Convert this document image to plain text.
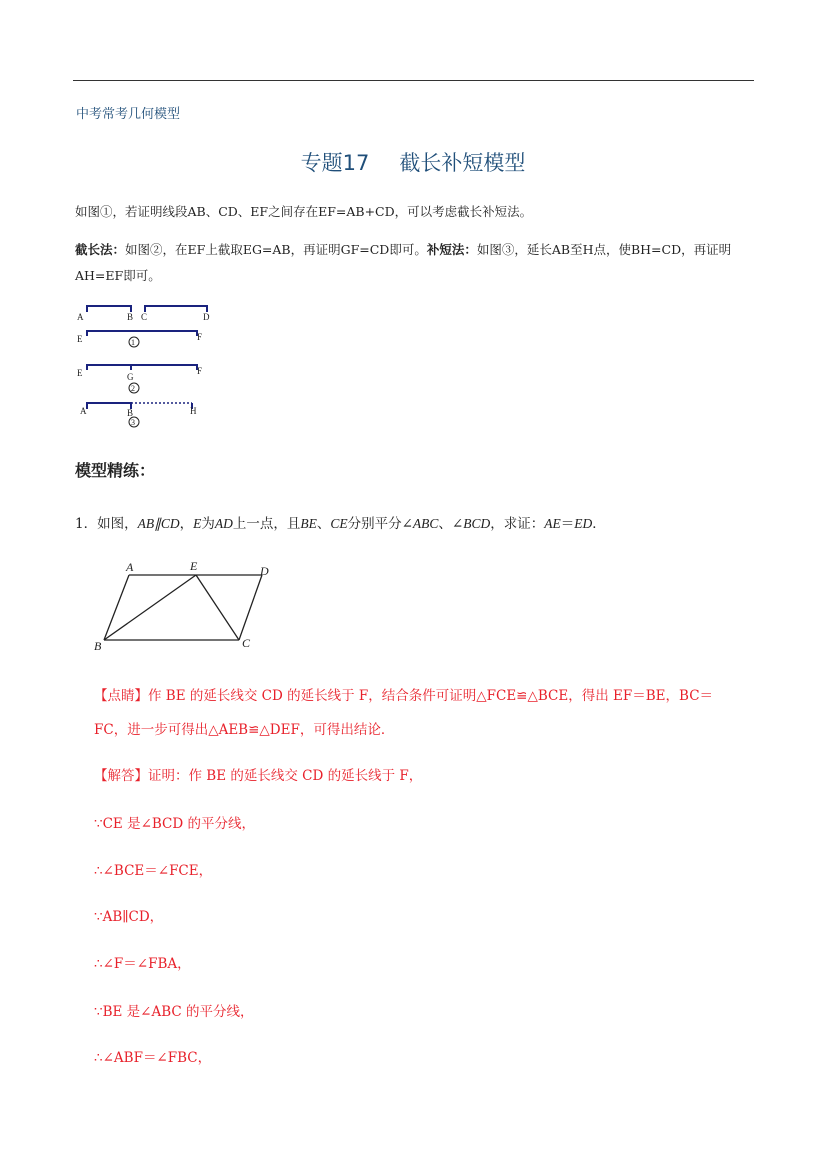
中考常考几何模型
专题17 截长补短模型
如图①，若证明线段AB、CD、EF之间存在EF=AB+CD，可以考虑截长补短法。
截长法：如图②，在EF上截取EG=AB，再证明GF=CD即可。补短法：如图③，延长AB至H点，使BH=CD，再证明
AH=EF即可。
A	B C	D
E	F
1
E	G
F
2
A	B	H
3
模型精练：
1．如图，AB∥CD，E为AD上一点，且BE、CE分别平分∠ABC、∠BCD，求证：AE＝ED．
A	E	D
B	C
【点睛】作 BE 的延长线交 CD 的延长线于 F，结合条件可证明△FCE≌△BCE，得出 EF＝BE，BC＝
FC，进一步可得出△AEB≌△DEF，可得出结论．
【解答】证明：作 BE 的延长线交 CD 的延长线于 F，
∵CE 是∠BCD 的平分线，
∴∠BCE＝∠FCE，
∵AB∥CD，
∴∠F＝∠FBA，
∵BE 是∠ABC 的平分线，
∴∠ABF＝∠FBC，
